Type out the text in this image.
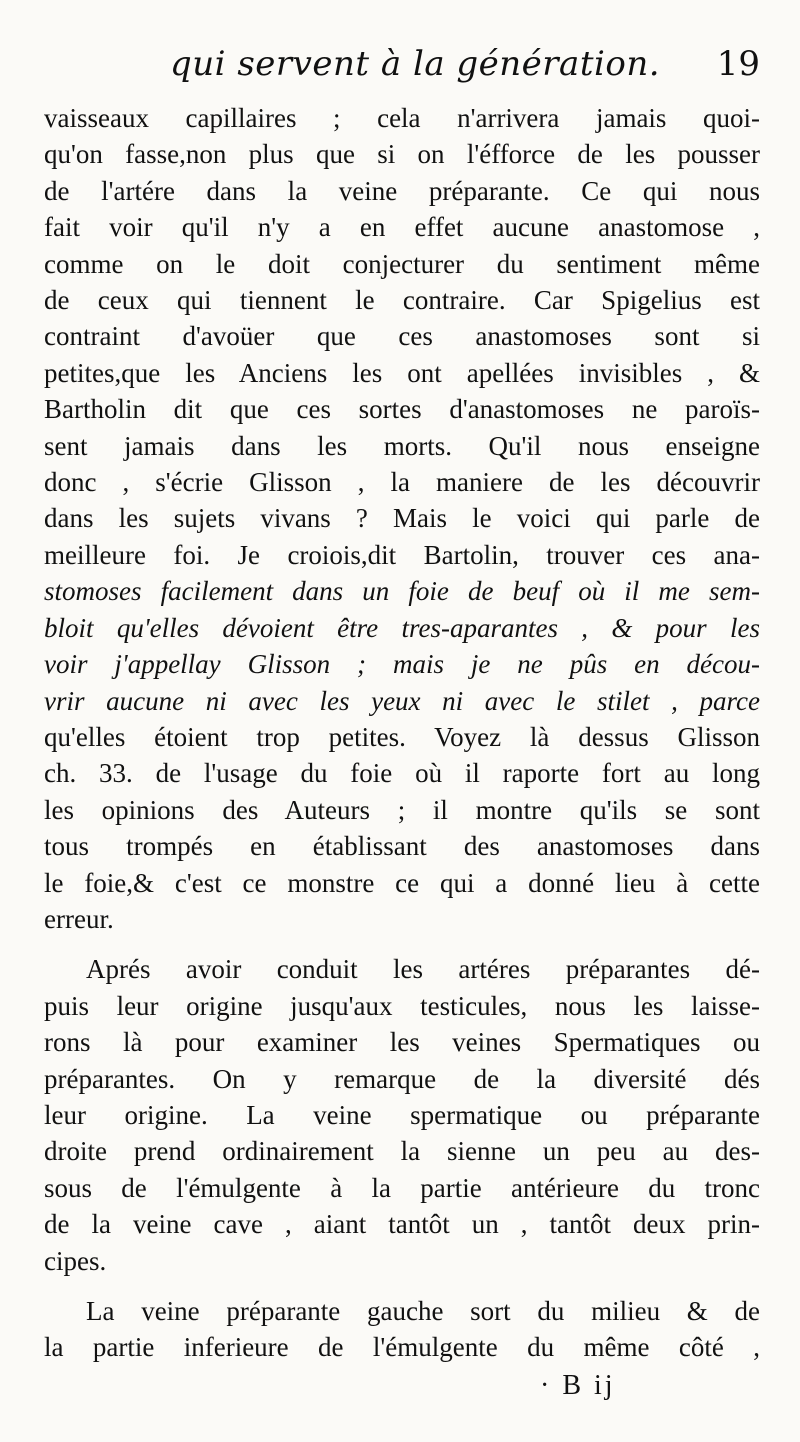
qui servent à la génération. 19
vaisseaux capillaires ; cela n'arrivera jamais quoi-
qu'on fasse,non plus que si on l'éfforce de les pousser
de l'artére dans la veine préparante. Ce qui nous
fait voir qu'il n'y a en effet aucune anastomose ,
comme on le doit conjecturer du sentiment même
de ceux qui tiennent le contraire. Car Spigelius est
contraint d'avoüer que ces anastomoses sont si
petites,que les Anciens les ont apellées invisibles , &
Bartholin dit que ces sortes d'anastomoses ne paroïs-
sent jamais dans les morts. Qu'il nous enseigne
donc , s'écrie Glisson , la maniere de les découvrir
dans les sujets vivans ? Mais le voici qui parle de
meilleure foi. Je croiois,dit Bartolin, trouver ces ana-
stomoses facilement dans un foie de beuf où il me sem-
bloit qu'elles dévoient être tres-aparantes , & pour les
voir j'appellay Glisson ; mais je ne pûs en décou-
vrir aucune ni avec les yeux ni avec le stilet , parce
qu'elles étoient trop petites. Voyez là dessus Glisson
ch. 33. de l'usage du foie où il raporte fort au long
les opinions des Auteurs ; il montre qu'ils se sont
tous trompés en établissant des anastomoses dans
le foie,& c'est ce monstre ce qui a donné lieu à cette
erreur.
Aprés avoir conduit les artéres préparantes dé-
puis leur origine jusqu'aux testicules, nous les laisse-
rons là pour examiner les veines Spermatiques ou
préparantes. On y remarque de la diversité dés
leur origine. La veine spermatique ou préparante
droite prend ordinairement la sienne un peu au des-
sous de l'émulgente à la partie antérieure du tronc
de la veine cave , aiant tantôt un , tantôt deux prin-
cipes.
La veine préparante gauche sort du milieu & de
la partie inferieure de l'émulgente du même côté ,
· B ij
